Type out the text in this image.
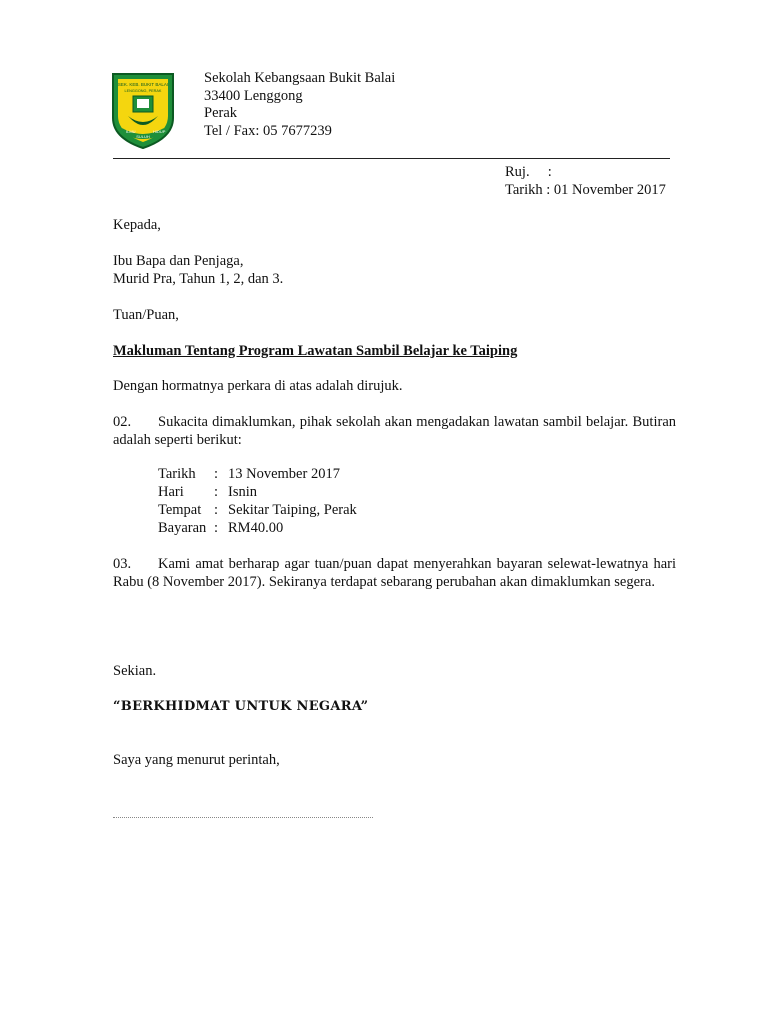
SEK. KEB. BUKIT BALAI
LENGGONG, PERAK
ILMU
SULUH
HIDUP
Sekolah Kebangsaan Bukit Balai
33400 Lenggong
Perak
Tel / Fax: 05 7677239
Ruj.     :
Tarikh : 01 November 2017
Kepada,
Ibu Bapa dan Penjaga,
Murid Pra, Tahun 1, 2, dan 3.
Tuan/Puan,
Makluman Tentang Program Lawatan Sambil Belajar ke Taiping
Dengan hormatnya perkara di atas adalah dirujuk.
02. Sukacita dimaklumkan, pihak sekolah akan mengadakan lawatan sambil belajar. Butiran adalah seperti berikut:
Tarikh	:	13 November 2017
Hari	:	Isnin
Tempat	:	Sekitar Taiping, Perak
Bayaran	:	RM40.00
03. Kami amat berharap agar tuan/puan dapat menyerahkan bayaran selewat-lewatnya hari Rabu (8 November 2017). Sekiranya terdapat sebarang perubahan akan dimaklumkan segera.
Sekian.
“BERKHIDMAT UNTUK NEGARA”
Saya yang menurut perintah,
